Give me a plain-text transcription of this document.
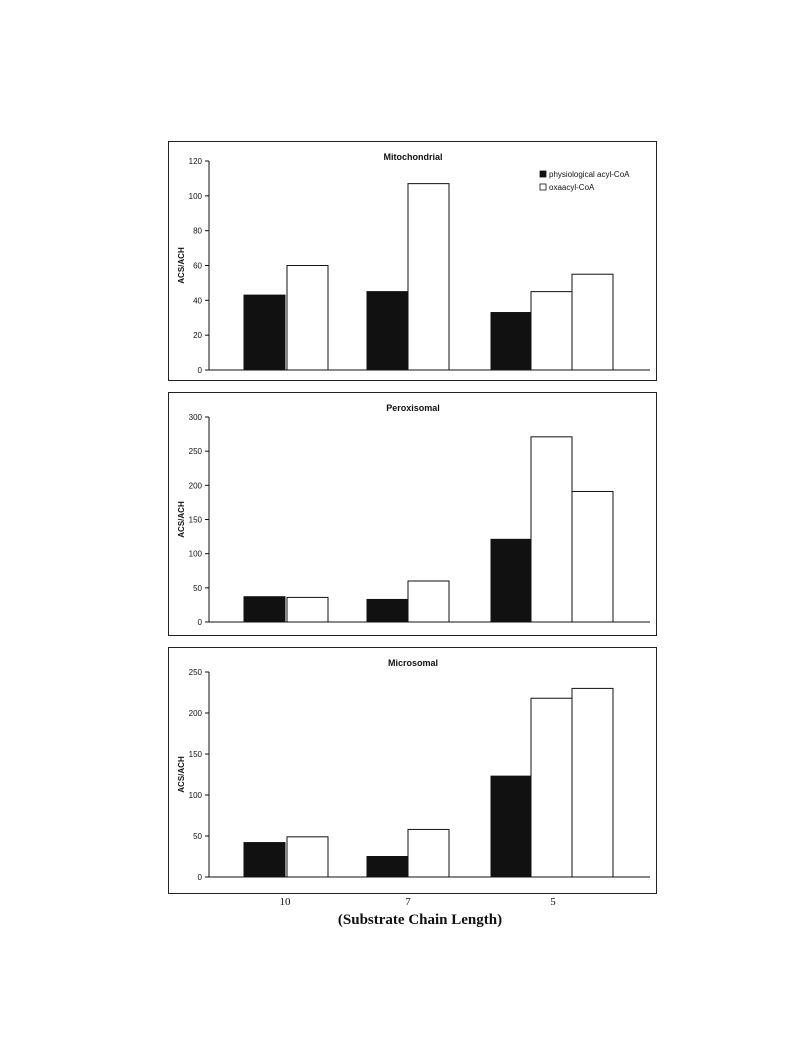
Mitochondrial
ACS/ACH
0
20
40
60
80
100
120
physiological acyl-CoA
oxaacyl-CoA
Peroxisomal
ACS/ACH
0
50
100
150
200
250
300
Microsomal
ACS/ACH
0
50
100
150
200
250
10	7	5
(Substrate Chain Length)
